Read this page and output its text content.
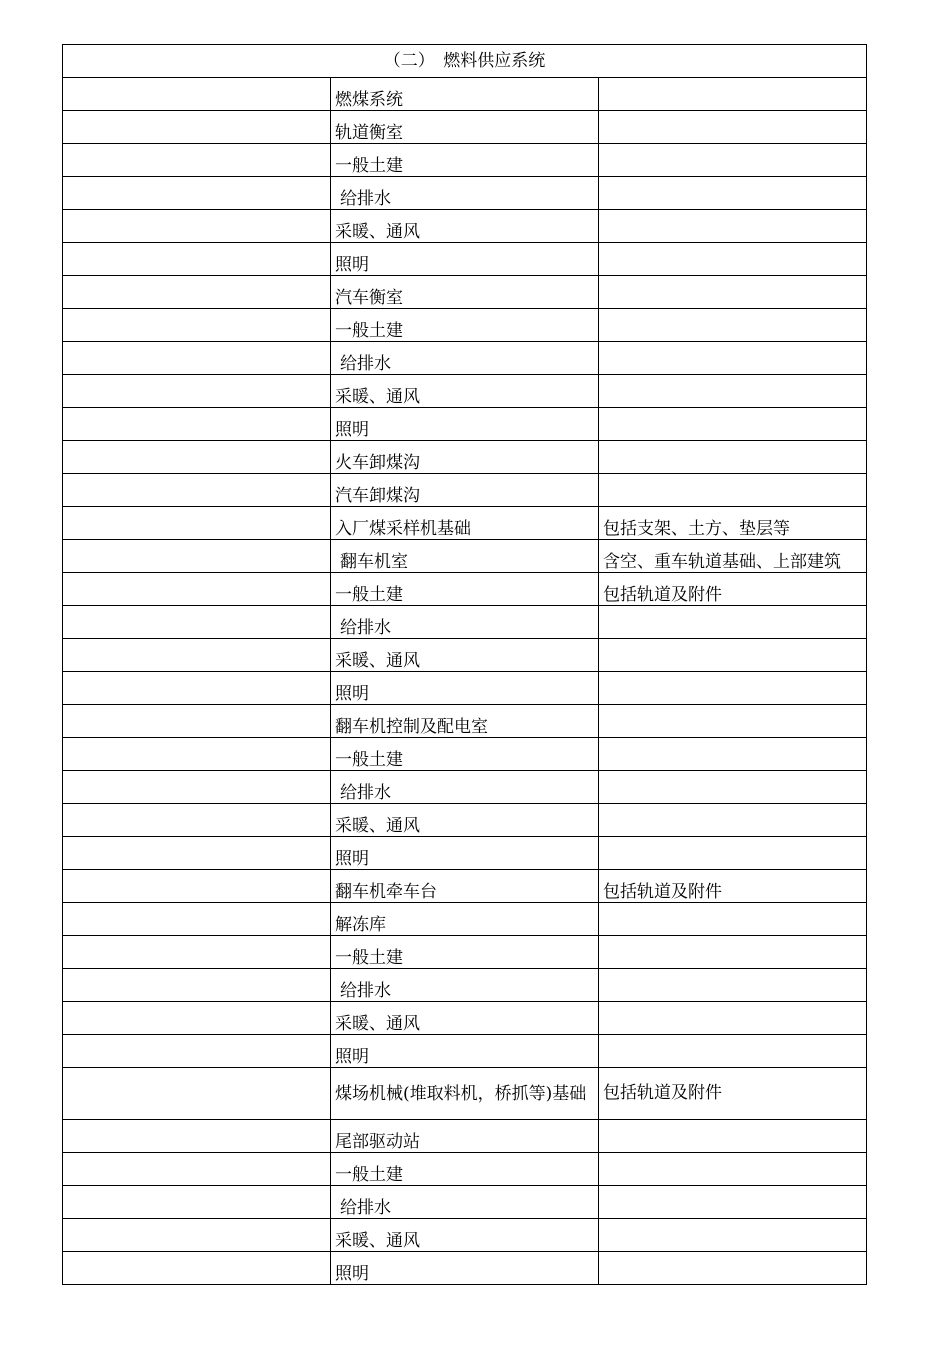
（二）　燃料供应系统		
	燃煤系统	
	轨道衡室	
	一般土建	
	给排水	
	采暖、通风	
	照明	
	汽车衡室	
	一般土建	
	给排水	
	采暖、通风	
	照明	
	火车卸煤沟	
	汽车卸煤沟	
	入厂煤采样机基础	包括支架、土方、垫层等
	翻车机室	含空、重车轨道基础、上部建筑
	一般土建	包括轨道及附件
	给排水	
	采暖、通风	
	照明	
	翻车机控制及配电室	
	一般土建	
	给排水	
	采暖、通风	
	照明	
	翻车机牵车台	包括轨道及附件
	解冻库	
	一般土建	
	给排水	
	采暖、通风	
	照明	
	煤场机械(堆取料机，桥抓等)基础	包括轨道及附件
	尾部驱动站	
	一般土建	
	给排水	
	采暖、通风	
	照明	
